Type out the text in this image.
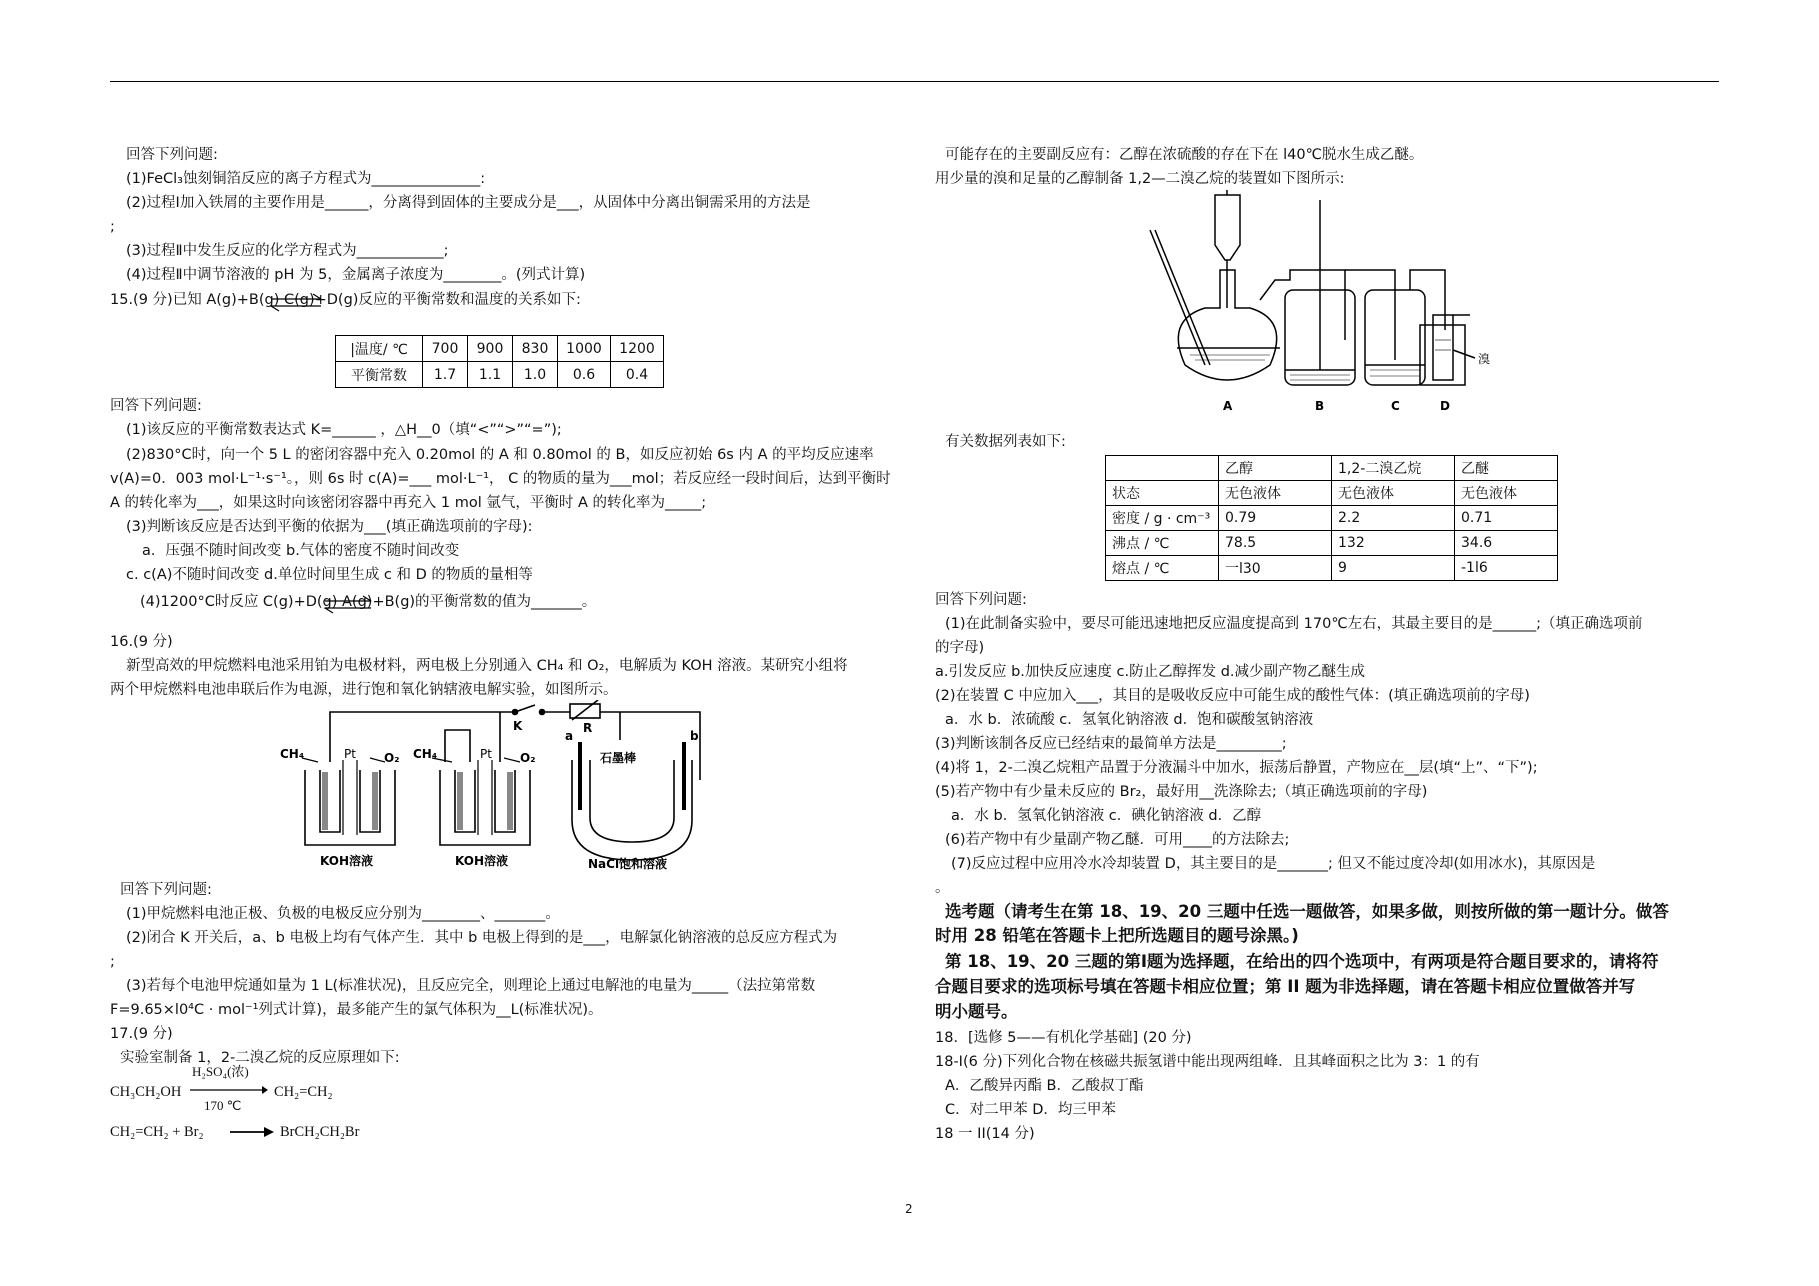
回答下列问题:
(1)FeCl₃蚀刻铜箔反应的离子方程式为_______________:
(2)过程Ⅰ加入铁屑的主要作用是______，分离得到固体的主要成分是___，从固体中分离出铜需采用的方法是
;
(3)过程Ⅱ中发生反应的化学方程式为____________;
(4)过程Ⅱ中调节溶液的 pH 为 5，金属离子浓度为________。(列式计算)
15.(9 分)已知 A(g)+B(g) C(g)+D(g)反应的平衡常数和温度的关系如下:
|温度/ ℃	700	900	830	1000	1200
平衡常数	1.7	1.1	1.0	0.6	0.4
回答下列问题:
(1)该反应的平衡常数表达式 K=______ ，△H__0（填“<”“>”“=”);
(2)830°C时，向一个 5 L 的密闭容器中充入 0.20mol 的 A 和 0.80mol 的 B，如反应初始 6s 内 A 的平均反应速率
v(A)=0．003 mol·L⁻¹·s⁻¹。，则 6s 时 c(A)=___ mol·L⁻¹， C 的物质的量为___mol；若反应经一段时间后，达到平衡时
A 的转化率为___，如果这时向该密闭容器中再充入 1 mol 氩气，平衡时 A 的转化率为_____;
(3)判断该反应是否达到平衡的依据为___(填正确选项前的字母):
a．压强不随时间改变 b.气体的密度不随时间改变
c. c(A)不随时间改变 d.单位时间里生成 c 和 D 的物质的量相等
(4)1200°C时反应 C(g)+D(g) A(g)+B(g)的平衡常数的值为_______。
16.(9 分)
新型高效的甲烷燃料电池采用铂为电极材料，两电极上分别通入 CH₄ 和 O₂，电解质为 KOH 溶液。某研究小组将
两个甲烷燃料电池串联后作为电源，进行饱和氧化钠辖液电解实验，如图所示。
K	R
CH₄	O₂
Pt	CH₄	O₂
Pt
a	b
石墨棒
KOH溶液	KOH溶液	NaCl饱和溶液
回答下列问题:
(1)甲烷燃料电池正极、负极的电极反应分别为________、_______。
(2)闭合 K 开关后，a、b 电极上均有气体产生．其中 b 电极上得到的是___，电解氯化钠溶液的总反应方程式为
;
(3)若每个电池甲烷通如量为 1 L(标准状况)，且反应完全，则理论上通过电解池的电量为_____（法拉第常数
F=9.65×l0⁴C · mol⁻¹列式计算)，最多能产生的氯气体积为__L(标准状况)。
17.(9 分)
实验室制备 1，2-二溴乙烷的反应原理如下:
CH₃CH₂OH
H₂SO₄(浓)
170 ℃
CH₂=CH₂
CH₂=CH₂ + Br₂ → BrCH₂CH₂Br
可能存在的主要副反应有：乙醇在浓硫酸的存在下在 l40℃脱水生成乙醚。
用少量的溴和足量的乙醇制备 1,2—二溴乙烷的装置如下图所示:
A	B	C	D
溴
有关数据列表如下:
	乙醇	1,2-二溴乙烷	乙醚
状态	无色液体	无色液体	无色液体
密度 / g · cm⁻³	0.79	2.2	0.71
沸点 / ℃	78.5	132	34.6
熔点 / ℃	一l30	9	-1l6
回答下列问题:
(1)在此制备实验中，要尽可能迅速地把反应温度提高到 170℃左右，其最主要目的是______;（填正确选项前
的字母)
a.引发反应 b.加快反应速度 c.防止乙醇挥发 d.减少副产物乙醚生成
(2)在装置 C 中应加入___，其目的是吸收反应中可能生成的酸性气体：(填正确选项前的字母)
a．水 b．浓硫酸 c．氢氧化钠溶液 d．饱和碳酸氢钠溶液
(3)判断该制各反应已经结束的最简单方法是_________;
(4)将 1，2-二溴乙烷粗产品置于分液漏斗中加水，振荡后静置，产物应在__层(填“上”、“下”);
(5)若产物中有少量未反应的 Br₂，最好用__洗涤除去;（填正确选项前的字母)
a．水 b．氢氧化钠溶液 c．碘化钠溶液 d．乙醇
(6)若产物中有少量副产物乙醚．可用____的方法除去;
(7)反应过程中应用冷水冷却装置 D，其主要目的是_______; 但又不能过度冷却(如用冰水)，其原因是
。
选考题（请考生在第 18、19、20 三题中任选一题做答，如果多做，则按所做的第一题计分。做答
时用 28 铅笔在答题卡上把所选题目的题号涂黑。)
第 18、19、20 三题的第Ⅰ题为选择题，在给出的四个选项中，有两项是符合题目要求的，请将符
合题目要求的选项标号填在答题卡相应位置；第 II 题为非选择题，请在答题卡相应位置做答并写
明小题号。
18．[选修 5——有机化学基础] (20 分)
18-I(6 分)下列化合物在核磁共振氢谱中能出现两组峰．且其峰面积之比为 3：1 的有
A．乙酸异丙酯 B．乙酸叔丁酯
C．对二甲苯 D．均三甲苯
18 一 II(14 分)
2
